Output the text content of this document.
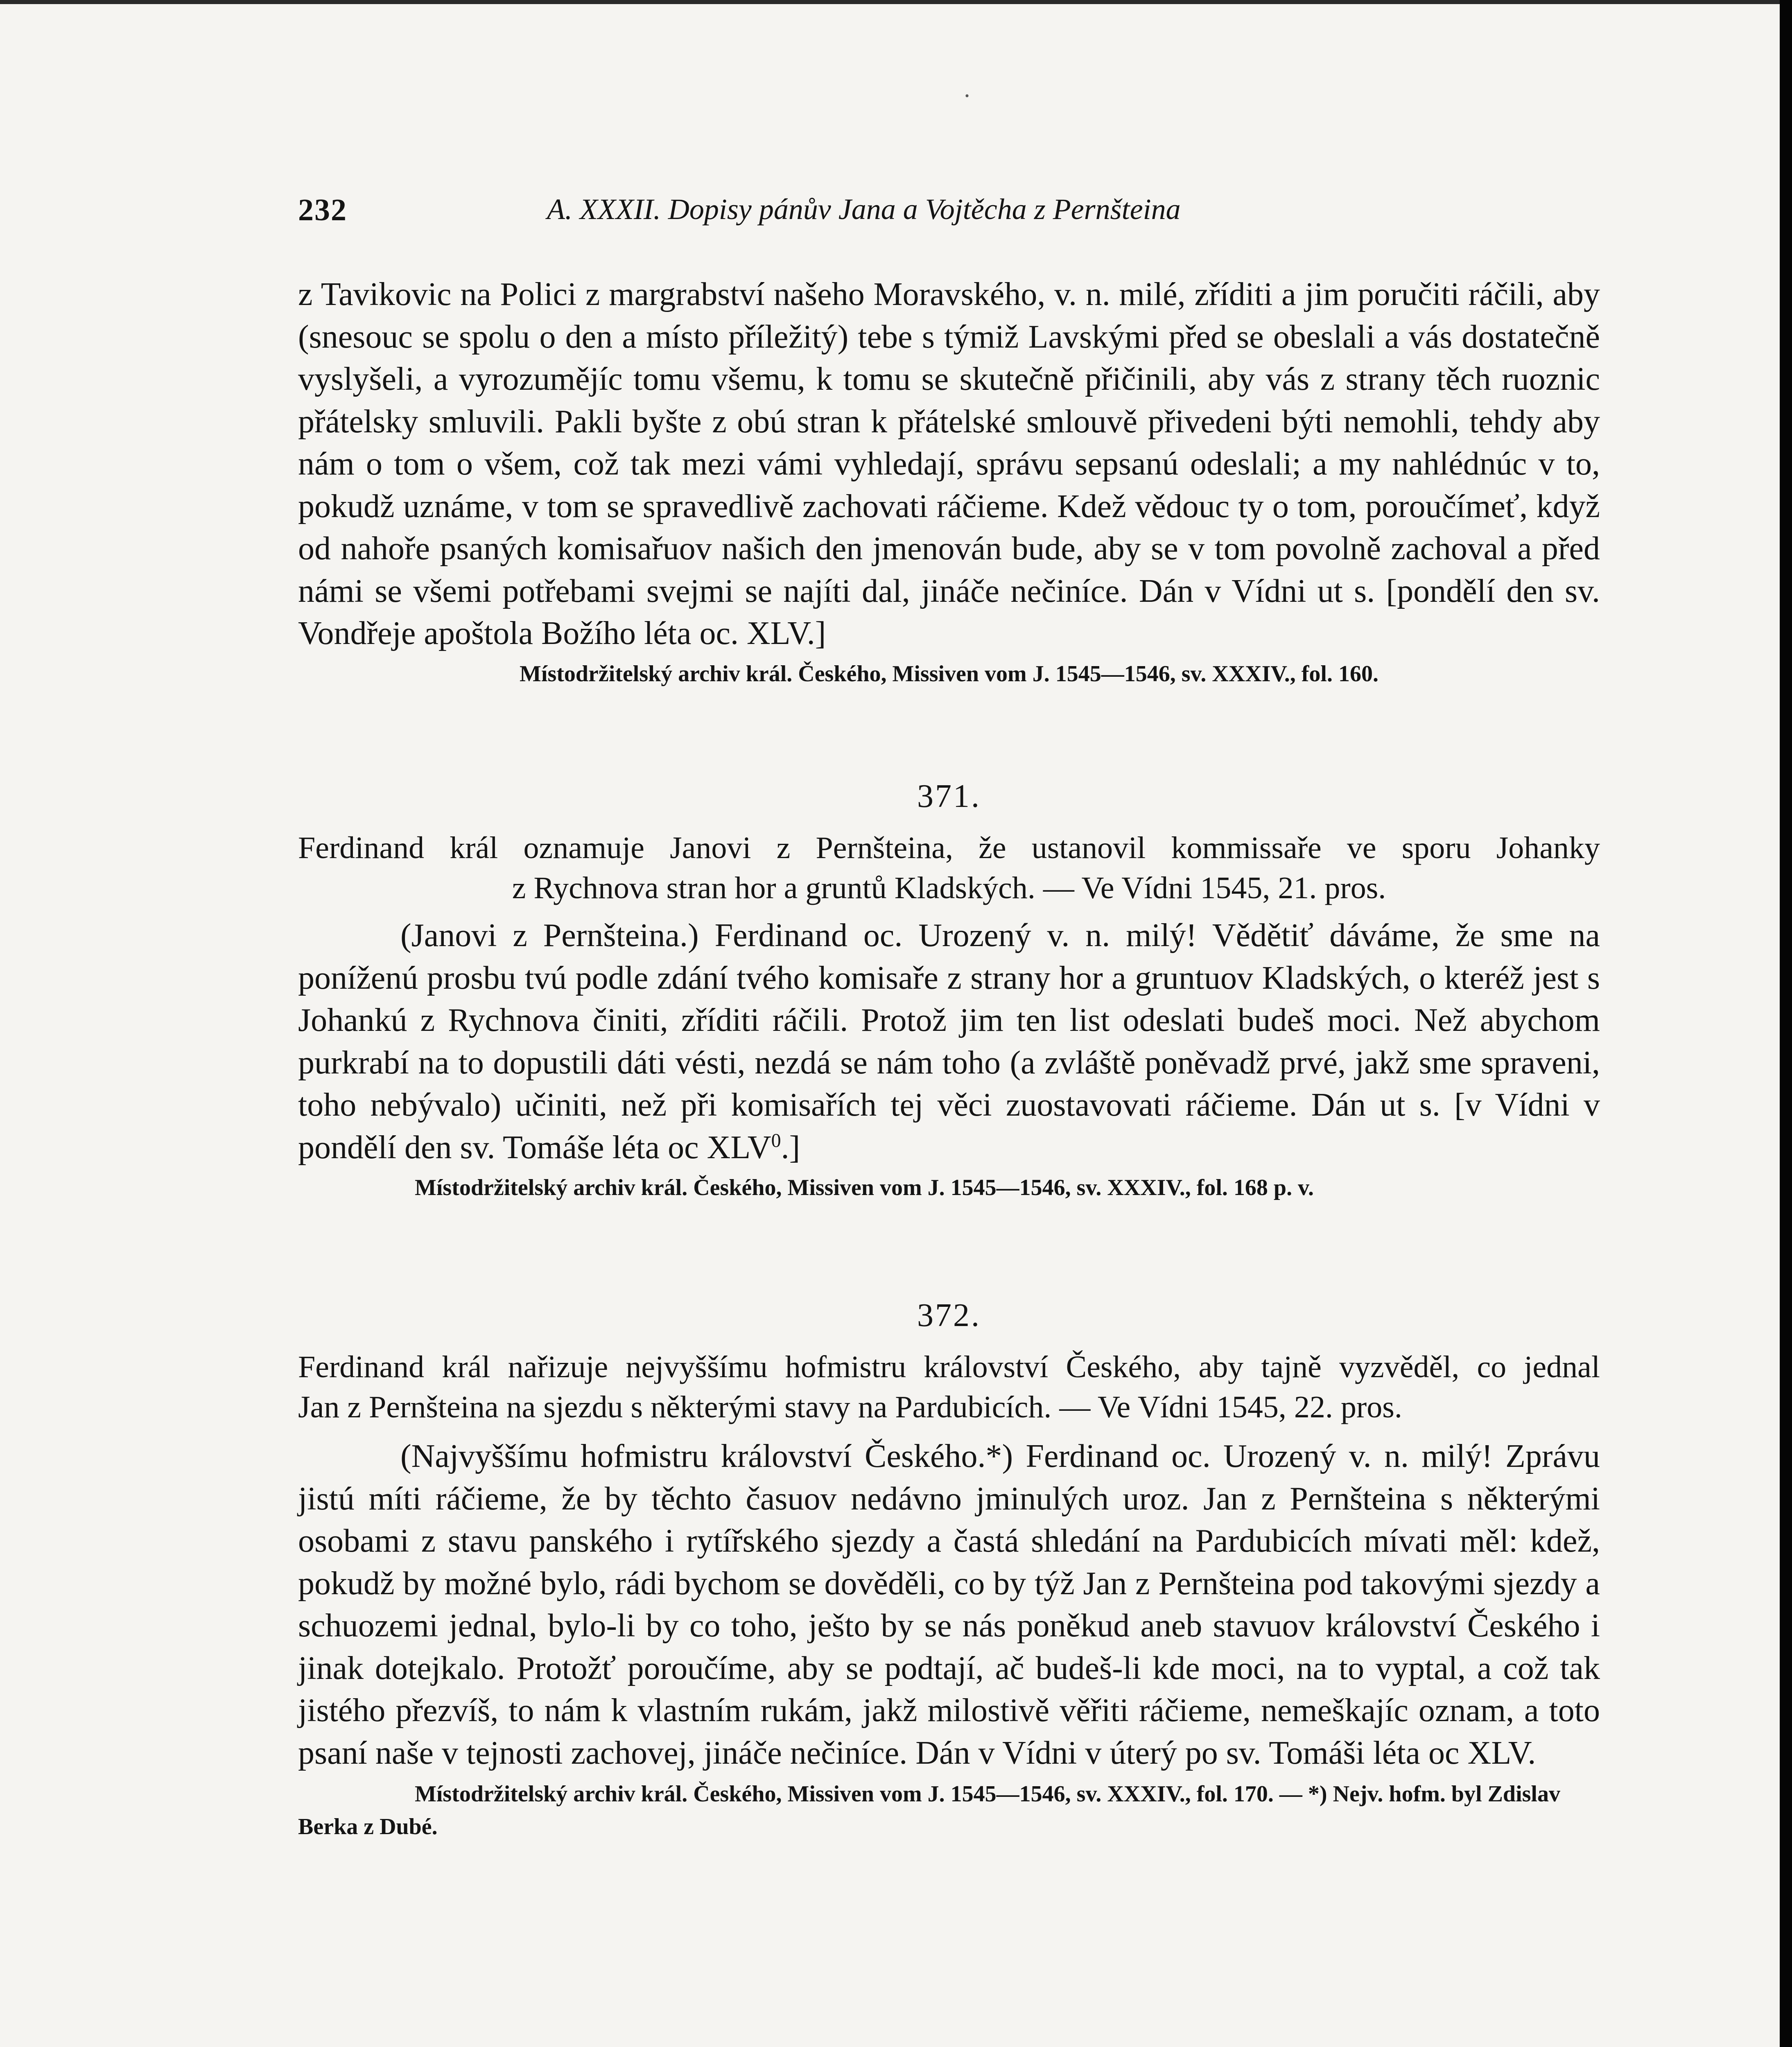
232	A. XXXII. Dopisy pánův Jana a Vojtěcha z Pernšteina

z Tavikovic na Polici z margrabství našeho Moravského, v. n. milé, zříditi a jim poručiti ráčili, aby (snesouc se spolu o den a místo příležitý) tebe s týmiž Lavskými před se obeslali a vás dostatečně vyslyšeli, a vyrozumějíc tomu všemu, k tomu se skutečně přičinili, aby vás z strany těch ruoznic přátelsky smluvili. Pakli byšte z obú stran k přátelské smlouvě přivedeni býti nemohli, tehdy aby nám o tom o všem, což tak mezi vámi vyhledají, správu sepsanú odeslali; a my nahlédnúc v to, pokudž uznáme, v tom se spravedlivě zachovati ráčieme. Kdež vědouc ty o tom, poroučímeť, když od nahoře psaných komisařuov našich den jmenován bude, aby se v tom povolně zachoval a před námi se všemi potřebami svejmi se najíti dal, jináče nečiníce. Dán v Vídni ut s. [pondělí den sv. Vondřeje apoštola Božího léta oc. XLV.]

Místodržitelský archiv král. Českého, Missiven vom J. 1545—1546, sv. XXXIV., fol. 160.

371.
Ferdinand král oznamuje Janovi z Pernšteina, že ustanovil kommissaře ve sporu Johanky
z Rychnova stran hor a gruntů Kladských. — Ve Vídni 1545, 21. pros.

(Janovi z Pernšteina.) Ferdinand oc. Urozený v. n. milý! Vědětiť dáváme, že sme na poníženú prosbu tvú podle zdání tvého komisaře z strany hor a gruntuov Kladských, o kteréž jest s Johankú z Rychnova činiti, zříditi ráčili. Protož jim ten list odeslati budeš moci. Než abychom purkrabí na to dopustili dáti vésti, nezdá se nám toho (a zvláště poněvadž prvé, jakž sme spraveni, toho nebývalo) učiniti, než při komisařích tej věci zuostavovati ráčieme. Dán ut s. [v Vídni v pondělí den sv. Tomáše léta oc XLV$^0$.]

Místodržitelský archiv král. Českého, Missiven vom J. 1545—1546, sv. XXXIV., fol. 168 p. v.

372.
Ferdinand král nařizuje nejvyššímu hofmistru království Českého, aby tajně vyzvěděl, co jednal
Jan z Pernšteina na sjezdu s některými stavy na Pardubicích. — Ve Vídni 1545, 22. pros.

(Najvyššímu hofmistru království Českého.*) Ferdinand oc. Urozený v. n. milý! Zprávu jistú míti ráčieme, že by těchto časuov nedávno jminulých uroz. Jan z Pernšteina s některými osobami z stavu panského i rytířského sjezdy a častá shledání na Pardubicích mívati měl: kdež, pokudž by možné bylo, rádi bychom se dověděli, co by týž Jan z Pernšteina pod takovými sjezdy a schuozemi jednal, bylo-li by co toho, ješto by se nás poněkud aneb stavuov království Českého i jinak dotejkalo. Protožť poroučíme, aby se podtají, ač budeš-li kde moci, na to vyptal, a což tak jistého přezvíš, to nám k vlastním rukám, jakž milostivě věřiti ráčieme, nemeškajíc oznam, a toto psaní naše v tejnosti zachovej, jináče nečiníce. Dán v Vídni v úterý po sv. Tomáši léta oc XLV.

Místodržitelský archiv král. Českého, Missiven vom J. 1545—1546, sv. XXXIV., fol. 170. — *) Nejv. hofm. byl Zdislav Berka z Dubé.

·
